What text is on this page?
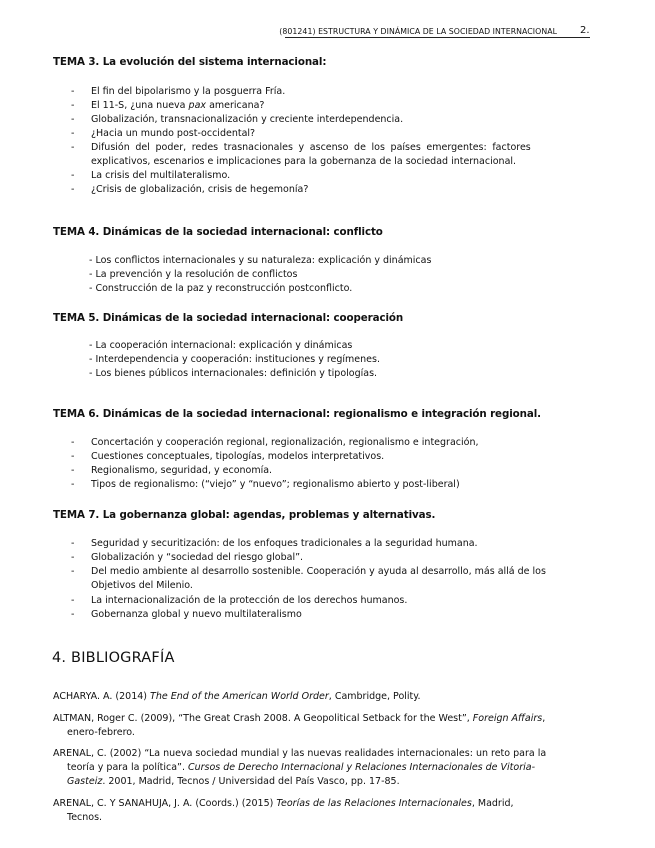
(801241) ESTRUCTURA Y DINÁMICA DE LA SOCIEDAD INTERNACIONAL 2.
TEMA 3. La evolución del sistema internacional:
- El fin del bipolarismo y la posguerra Fría.
- El 11-S, ¿una nueva pax americana?
- Globalización, transnacionalización y creciente interdependencia.
- ¿Hacia un mundo post-occidental?
- Difusión del poder, redes trasnacionales y ascenso de los países emergentes: factores
explicativos, escenarios e implicaciones para la gobernanza de la sociedad internacional.
- La crisis del multilateralismo.
- ¿Crisis de globalización, crisis de hegemonía?
TEMA 4. Dinámicas de la sociedad internacional: conflicto
- Los conflictos internacionales y su naturaleza: explicación y dinámicas
- La prevención y la resolución de conflictos
- Construcción de la paz y reconstrucción postconflicto.
TEMA 5. Dinámicas de la sociedad internacional: cooperación
- La cooperación internacional: explicación y dinámicas
- Interdependencia y cooperación: instituciones y regímenes.
- Los bienes públicos internacionales: definición y tipologías.
TEMA 6. Dinámicas de la sociedad internacional: regionalismo e integración regional.
- Concertación y cooperación regional, regionalización, regionalismo e integración,
- Cuestiones conceptuales, tipologías, modelos interpretativos.
- Regionalismo, seguridad, y economía.
- Tipos de regionalismo: (“viejo” y “nuevo”; regionalismo abierto y post-liberal)
TEMA 7. La gobernanza global: agendas, problemas y alternativas.
- Seguridad y securitización: de los enfoques tradicionales a la seguridad humana.
- Globalización y “sociedad del riesgo global”.
- Del medio ambiente al desarrollo sostenible. Cooperación y ayuda al desarrollo, más allá de los
Objetivos del Milenio.
- La internacionalización de la protección de los derechos humanos.
- Gobernanza global y nuevo multilateralismo
4. BIBLIOGRAFÍA
ACHARYA. A. (2014) The End of the American World Order, Cambridge, Polity.
ALTMAN, Roger C. (2009), “The Great Crash 2008. A Geopolitical Setback for the West”, Foreign Affairs,
enero-febrero.
ARENAL, C. (2002) “La nueva sociedad mundial y las nuevas realidades internacionales: un reto para la
teoría y para la política”. Cursos de Derecho Internacional y Relaciones Internacionales de Vitoria-
Gasteiz. 2001, Madrid, Tecnos / Universidad del País Vasco, pp. 17-85.
ARENAL, C. Y SANAHUJA, J. A. (Coords.) (2015) Teorías de las Relaciones Internacionales, Madrid,
Tecnos.
